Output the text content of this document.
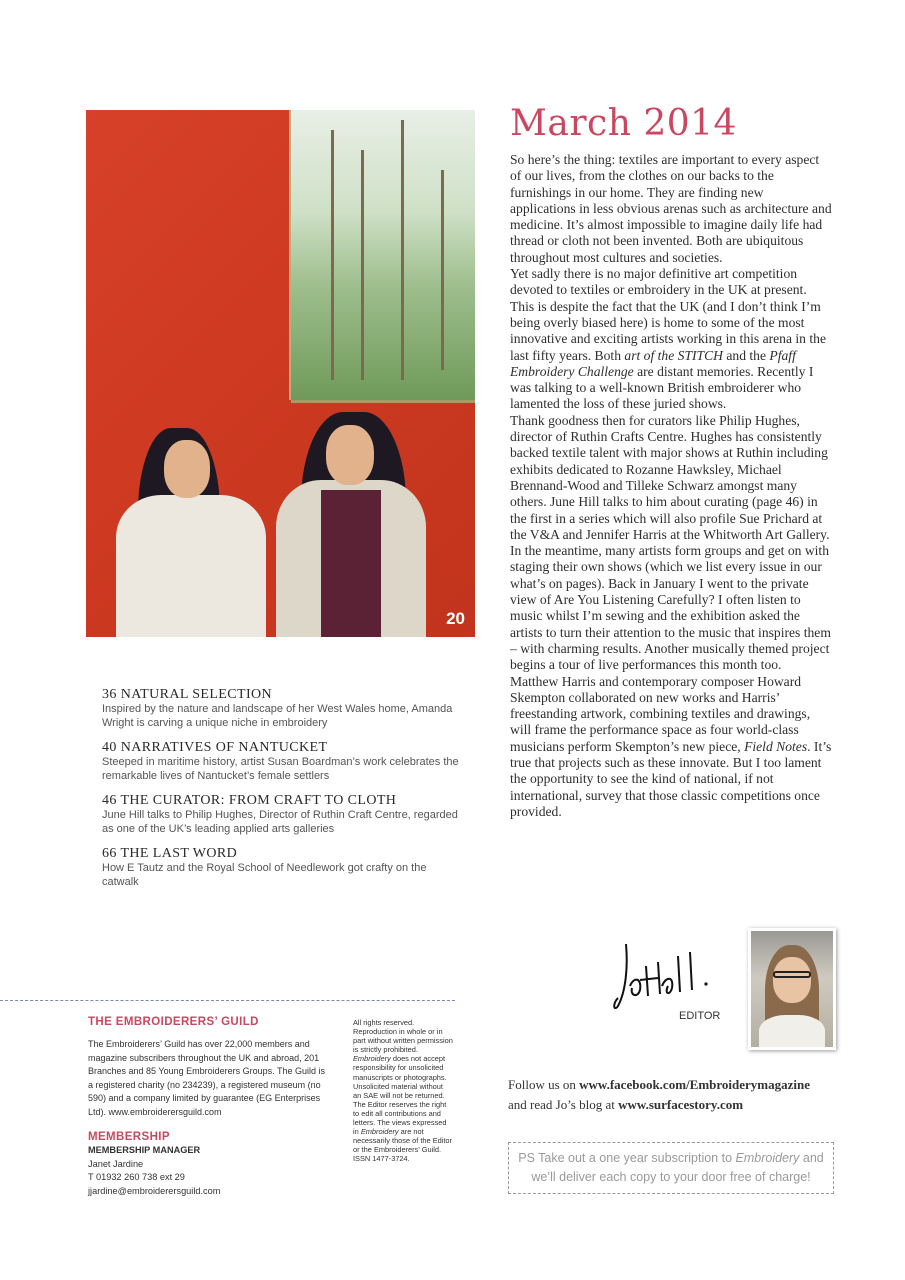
20
March 2014

So here’s the thing: textiles are important to every aspect of our lives, from the clothes on our backs to the furnishings in our home. They are finding new applications in less obvious arenas such as architecture and medicine. It’s almost impossible to imagine daily life had thread or cloth not been invented. Both are ubiquitous throughout most cultures and societies.

Yet sadly there is no major definitive art competition devoted to textiles or embroidery in the UK at present. This is despite the fact that the UK (and I don’t think I’m being overly biased here) is home to some of the most innovative and exciting artists working in this arena in the last fifty years. Both art of the STITCH and the Pfaff Embroidery Challenge are distant memories. Recently I was talking to a well-known British embroiderer who lamented the loss of these juried shows.

Thank goodness then for curators like Philip Hughes, director of Ruthin Crafts Centre. Hughes has consistently backed textile talent with major shows at Ruthin including exhibits dedicated to Rozanne Hawksley, Michael Brennand-Wood and Tilleke Schwarz amongst many others. June Hill talks to him about curating (page 46) in the first in a series which will also profile Sue Prichard at the V&A and Jennifer Harris at the Whitworth Art Gallery.

In the meantime, many artists form groups and get on with staging their own shows (which we list every issue in our what’s on pages). Back in January I went to the private view of Are You Listening Carefully? I often listen to music whilst I’m sewing and the exhibition asked the artists to turn their attention to the music that inspires them – with charming results. Another musically themed project begins a tour of live performances this month too. Matthew Harris and contemporary composer Howard Skempton collaborated on new works and Harris’ freestanding artwork, combining textiles and drawings, will frame the performance space as four world-class musicians perform Skempton’s new piece, Field Notes. It’s true that projects such as these innovate. But I too lament the opportunity to see the kind of national, if not international, survey that those classic competitions once provided.

36 NATURAL SELECTION
Inspired by the nature and landscape of her West Wales home, Amanda Wright is carving a unique niche in embroidery
40 NARRATIVES OF NANTUCKET
Steeped in maritime history, artist Susan Boardman’s work celebrates the remarkable lives of Nantucket’s female settlers
46 THE CURATOR: FROM CRAFT TO CLOTH
June Hill talks to Philip Hughes, Director of Ruthin Craft Centre, regarded as one of the UK’s leading applied arts galleries
66 THE LAST WORD
How E Tautz and the Royal School of Needlework got crafty on the catwalk
EDITOR
THE EMBROIDERERS’ GUILD
The Embroiderers’ Guild has over 22,000 members and magazine subscribers throughout the UK and abroad, 201 Branches and 85 Young Embroiderers Groups. The Guild is a registered charity (no 234239), a registered museum (no 590) and a company limited by guarantee (EG Enterprises Ltd). www.embroiderersguild.com
MEMBERSHIP
MEMBERSHIP MANAGER
Janet Jardine
T 01932 260 738 ext 29
jjardine@embroiderersguild.com
All rights reserved. Reproduction in whole or in part without written permission is strictly prohibited. Embroidery does not accept responsibility for unsolicited manuscripts or photographs. Unsolicited material without an SAE will not be returned. The Editor reserves the right to edit all contributions and letters. The views expressed in Embroidery are not necessarily those of the Editor or the Embroiderers’ Guild. ISSN 1477-3724.
Follow us on www.facebook.com/Embroiderymagazine
and read Jo’s blog at www.surfacestory.com
PS Take out a one year subscription to Embroidery and we’ll deliver each copy to your door free of charge!
